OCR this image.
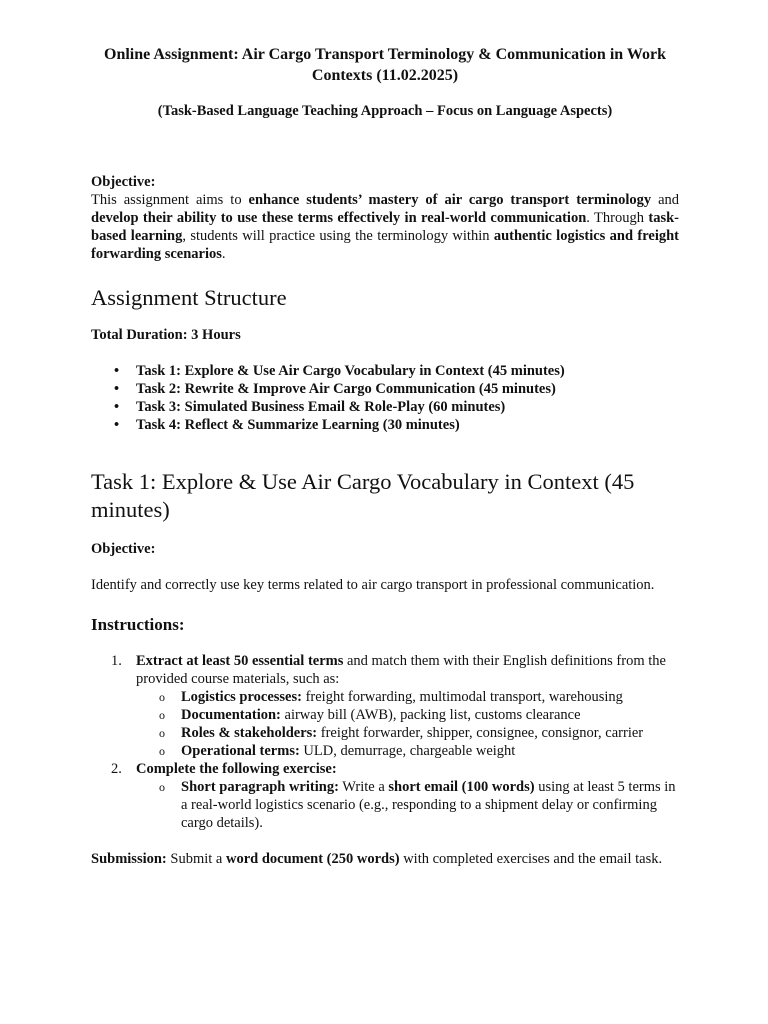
Online Assignment: Air Cargo Transport Terminology & Communication in Work Contexts (11.02.2025)

(Task-Based Language Teaching Approach – Focus on Language Aspects)

Objective:

This assignment aims to enhance students’ mastery of air cargo transport terminology and develop their ability to use these terms effectively in real-world communication. Through task-based learning, students will practice using the terminology within authentic logistics and freight forwarding scenarios.

Assignment Structure

Total Duration: 3 Hours

• Task 1: Explore & Use Air Cargo Vocabulary in Context (45 minutes)
• Task 2: Rewrite & Improve Air Cargo Communication (45 minutes)
• Task 3: Simulated Business Email & Role-Play (60 minutes)
• Task 4: Reflect & Summarize Learning (30 minutes)
Task 1: Explore & Use Air Cargo Vocabulary in Context (45 minutes)

Objective:

Identify and correctly use key terms related to air cargo transport in professional communication.

Instructions:
1. Extract at least 50 essential terms and match them with their English definitions from the provided course materials, such as:
o Logistics processes: freight forwarding, multimodal transport, warehousing
o Documentation: airway bill (AWB), packing list, customs clearance
o Roles & stakeholders: freight forwarder, shipper, consignee, consignor, carrier
o Operational terms: ULD, demurrage, chargeable weight
2. Complete the following exercise:
o Short paragraph writing: Write a short email (100 words) using at least 5 terms in a real-world logistics scenario (e.g., responding to a shipment delay or confirming cargo details).

Submission: Submit a word document (250 words) with completed exercises and the email task.
